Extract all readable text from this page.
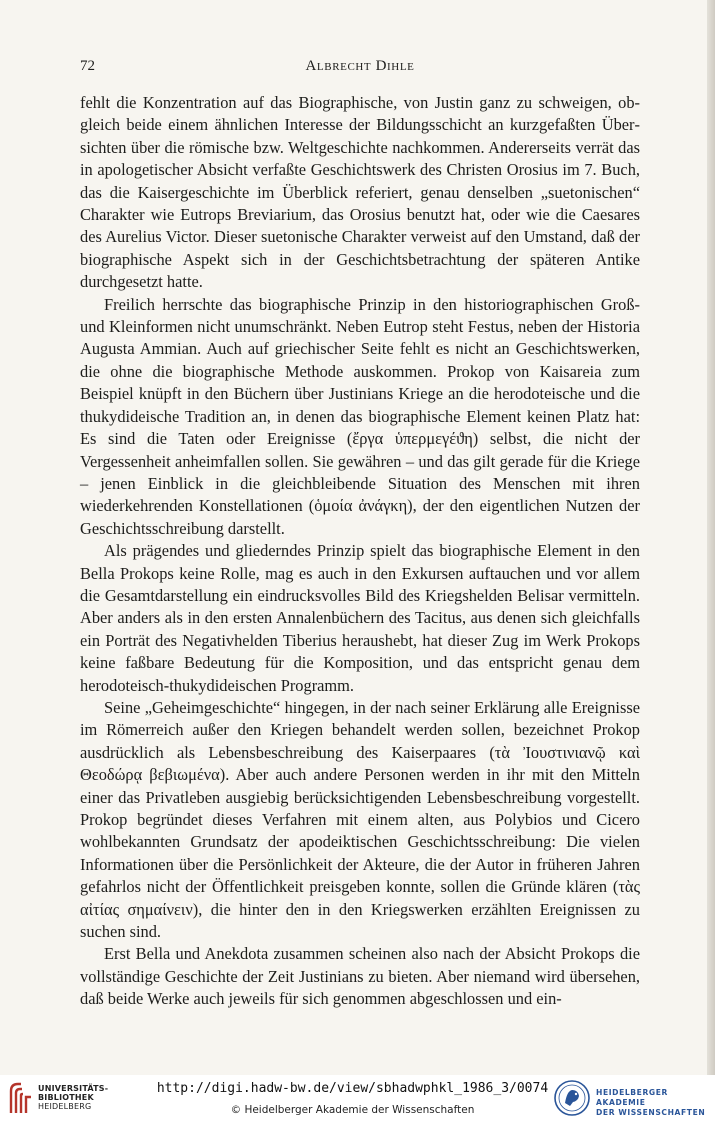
72	Albrecht Dihle

fehlt die Konzentration auf das Biographische, von Justin ganz zu schweigen, obgleich beide einem ähnlichen Interesse der Bildungsschicht an kurzgefaßten Übersichten über die römische bzw. Weltgeschichte nachkommen. Andererseits verrät das in apologetischer Absicht verfaßte Geschichtswerk des Christen Orosius im 7. Buch, das die Kaisergeschichte im Überblick referiert, genau denselben „suetonischen“ Charakter wie Eutrops Breviarium, das Orosius benutzt hat, oder wie die Caesares des Aurelius Victor. Dieser suetonische Charakter verweist auf den Umstand, daß der biographische Aspekt sich in der Geschichtsbetrachtung der späteren Antike durchgesetzt hatte.

Freilich herrschte das biographische Prinzip in den historiographischen Groß- und Kleinformen nicht unumschränkt. Neben Eutrop steht Festus, neben der Historia Augusta Ammian. Auch auf griechischer Seite fehlt es nicht an Geschichtswerken, die ohne die biographische Methode auskommen. Prokop von Kaisareia zum Beispiel knüpft in den Büchern über Justinians Kriege an die herodoteische und die thukydideische Tradition an, in denen das biographische Element keinen Platz hat: Es sind die Taten oder Ereignisse (ἔργα ὑπερμεγέϑη) selbst, die nicht der Vergessenheit anheimfallen sollen. Sie gewähren – und das gilt gerade für die Kriege – jenen Einblick in die gleichbleibende Situation des Menschen mit ihren wiederkehrenden Konstellationen (ὁμοία ἀνάγκη), der den eigentlichen Nutzen der Geschichtsschreibung darstellt.

Als prägendes und gliederndes Prinzip spielt das biographische Element in den Bella Prokops keine Rolle, mag es auch in den Exkursen auftauchen und vor allem die Gesamtdarstellung ein eindrucksvolles Bild des Kriegshelden Belisar vermitteln. Aber anders als in den ersten Annalenbüchern des Tacitus, aus denen sich gleichfalls ein Porträt des Negativhelden Tiberius heraushebt, hat dieser Zug im Werk Prokops keine faßbare Bedeutung für die Komposition, und das entspricht genau dem herodoteisch-thukydideischen Programm.

Seine „Geheimgeschichte“ hingegen, in der nach seiner Erklärung alle Ereignisse im Römerreich außer den Kriegen behandelt werden sollen, bezeichnet Prokop ausdrücklich als Lebensbeschreibung des Kaiserpaares (τὰ Ἰουστινιανῷ καὶ Θεοδώρᾳ βεβιωμένα). Aber auch andere Personen werden in ihr mit den Mitteln einer das Privatleben ausgiebig berücksichtigenden Lebensbeschreibung vorgestellt. Prokop begründet dieses Verfahren mit einem alten, aus Polybios und Cicero wohlbekannten Grundsatz der apodeiktischen Geschichtsschreibung: Die vielen Informationen über die Persönlichkeit der Akteure, die der Autor in früheren Jahren gefahrlos nicht der Öffentlichkeit preisgeben konnte, sollen die Gründe klären (τὰς αἰτίας σημαίνειν), die hinter den in den Kriegswerken erzählten Ereignissen zu suchen sind.

Erst Bella und Anekdota zusammen scheinen also nach der Absicht Prokops die vollständige Geschichte der Zeit Justinians zu bieten. Aber niemand wird übersehen, daß beide Werke auch jeweils für sich genommen abgeschlossen und ein-

UNIVERSITÄTS-
BIBLIOTHEK
HEIDELBERG
http://digi.hadw-bw.de/view/sbhadwphkl_1986_3/0074
© Heidelberger Akademie der Wissenschaften
HEIDELBERGER AKADEMIE
DER WISSENSCHAFTEN
